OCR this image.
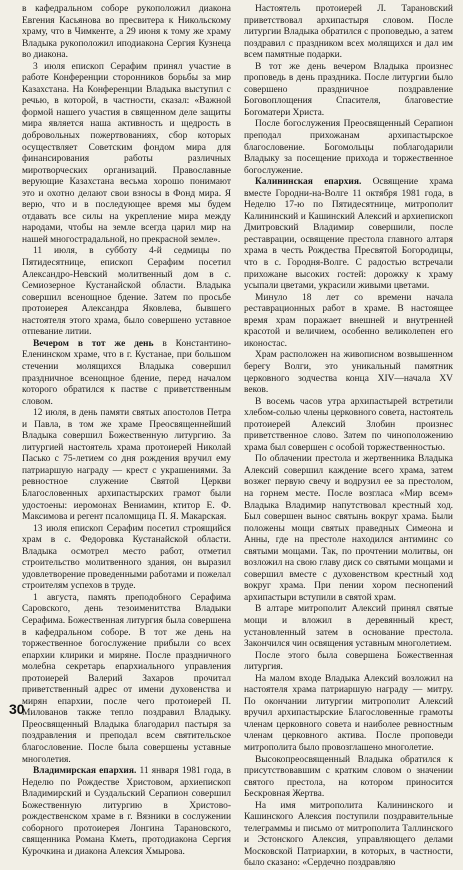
в кафедральном соборе рукоположил диакона Евгения Касьянова во пресвитера к Никольскому храму, что в Чимкенте, а 29 июня к тому же храму Владыка рукоположил иподиакона Сергия Кузнеца во диакона.

3 июля епископ Серафим принял участие в работе Конференции сторонников борьбы за мир Казахстана. На Конференции Владыка выступил с речью, в которой, в частности, сказал: «Важной формой нашего участия в священном деле защиты мира является наша активность и щедрость в добровольных пожертвованиях, сбор которых осуществляет Советским фондом мира для финансирования работы различных миротворческих организаций. Православные верующие Казахстана весьма хорошо понимают это и охотно делают свои взносы в Фонд мира. Я верю, что и в последующее время мы будем отдавать все силы на укрепление мира между народами, чтобы на земле всегда царил мир на нашей многострадальной, но прекрасной земле».

11 июля, в субботу 4-й седмицы по Пятидесятнице, епископ Серафим посетил Александро-Невский молитвенный дом в с. Семиозерное Кустанайской области. Владыка совершил всенощное бдение. Затем по просьбе протоиерея Александра Яковлева, бывшего настоятеля этого храма, было совершено уставное отпевание литии.

Вечером в тот же день в Константино-Еленинском храме, что в г. Кустанае, при большом стечении молящихся Владыка совершил праздничное всенощное бдение, перед началом которого обратился к пастве с приветственным словом.

12 июля, в день памяти святых апостолов Петра и Павла, в том же храме Преосвященнейший Владыка совершил Божественную литургию. За литургией настоятель храма протоиерей Николай Пасько с 75-летием со дня рождения вручил ему патриаршую награду — крест с украшениями. За ревностное служение Святой Церкви Благословенных архипастырских грамот были удостоены: иеромонах Вениамин, ктитор Е. Ф. Максимова и регент псаломщица П. Я. Макарская.

13 июля епископ Серафим посетил строящийся храм в с. Федоровка Кустанайской области. Владыка осмотрел место работ, отметил строительство молитвенного здания, он выразил удовлетворение проведенными работами и пожелал строителям успехов в труде.

1 августа, память преподобного Серафима Саровского, день тезоименитства Владыки Серафима. Божественная литургия была совершена в кафедральном соборе. В тот же день на торжественное богослужение прибыли со всех епархии клирики и миряне. После праздничного молебна секретарь епархиального управления протоиерей Валерий Захаров прочитал приветственный адрес от имени духовенства и мирян епархии, после чего протоиерей П. Милованов также тепло поздравил Владыку. Преосвященный Владыка благодарил пастыря за поздравления и преподал всем святительское благословение. После была совершены уставные многолетия.

Владимирская епархия. 11 января 1981 года, в Неделю по Рождестве Христовом, архиепископ Владимирский и Суздальский Серапион совершил Божественную литургию в Христово-рождественском храме в г. Вязники в сослужении соборного протоиерея Лонгина Тарановского, священника Романа Кметь, протодиакона Сергия Курочкина и диакона Алексия Хмырова.

Настоятель протоиерей Л. Тарановский приветствовал архипастыря словом. После литургии Владыка обратился с проповедью, а затем поздравил с праздником всех молящихся и дал им всем памятные подарки.

В тот же день вечером Владыка произнес проповедь в день праздника. После литургии было совершено праздничное поздравление Боговоплощения Спасителя, благовестие Богоматери Христа.

После богослужения Преосвященный Серапион преподал прихожанам архипастырское благословение. Богомольцы поблагодарили Владыку за посещение прихода и торжественное богослужение.

Калининская епархия. Освящение храма вместе Городни-на-Волге 11 октября 1981 года, в Неделю 17-ю по Пятидесятнице, митрополит Калининский и Кашинский Алексий и архиепископ Дмитровский Владимир совершили, после реставрации, освящение престола главного алтаря храма в честь Рождества Пресвятой Богородицы, что в с. Городня-Волге. С радостью встречали прихожане высоких гостей: дорожку к храму усыпали цветами, украсили живыми цветами.

Минуло 18 лет со времени начала реставрационных работ в храме. В настоящее время храм поражает внешней и внутренней красотой и величием, особенно великолепен его иконостас.

Храм расположен на живописном возвышенном берегу Волги, это уникальный памятник церковного зодчества конца XIV—начала XV веков.

В восемь часов утра архипастырей встретили хлебом-солью члены церковного совета, настоятель протоиерей Алексий Злобин произнес приветственное слово. Затем по чиноположению храма был совершен с особой торжественностью.

По облачении престола и жертвенника Владыка Алексий совершил каждение всего храма, затем возжег первую свечу и водрузил ее за престолом, на горнем месте. После возгласа «Мир всем» Владыка Владимир напутствовал крестный ход. Был совершен вынос святынь вокруг храма. Были положены мощи святых праведных Симеона и Анны, где на престоле находился антиминс со святыми мощами. Так, по прочтении молитвы, он возложил на свою главу диск со святыми мощами и совершил вместе с духовенством крестный ход вокруг храма. При пении хором песнопений архипастыри вступили в святой храм.

В алтаре митрополит Алексий принял святые мощи и вложил в деревянный крест, установленный затем в основание престола. Закончился чин освящения уставным многолетием.

После этого была совершена Божественная литургия.

На малом входе Владыка Алексий возложил на настоятеля храма патриаршую награду — митру. По окончании литургии митрополит Алексий вручил архипастырские Благословенные грамоты членам церковного совета и наиболее ревностным членам церковного актива. После проповеди митрополита было провозглашено многолетие.

Высокопреосвященный Владыка обратился к присутствовавшим с кратким словом о значении святого престола, на котором приносится Бескровная Жертва.

На имя митрополита Калининского и Кашинского Алексия поступили поздравительные телеграммы и письмо от митрополита Таллинского и Эстонского Алексия, управляющего делами Московской Патриархии, в которых, в частности, было сказано: «Сердечно поздравляю

30
